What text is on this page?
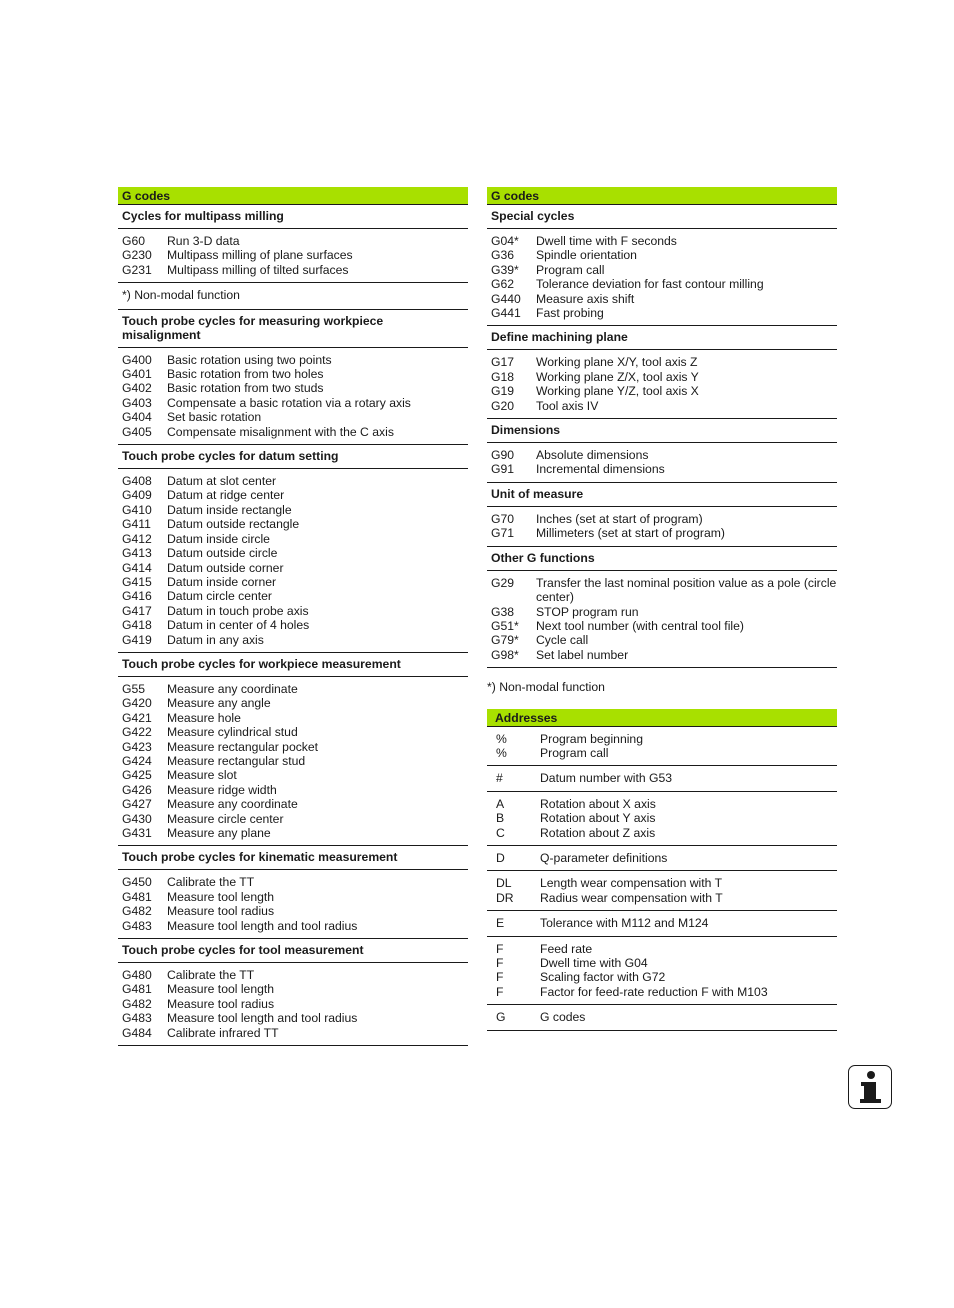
G codes
Cycles for multipass milling
G60	Run 3-D data
G230	Multipass milling of plane surfaces
G231	Multipass milling of tilted surfaces
*) Non-modal function
Touch probe cycles for measuring workpiece misalignment
G400	Basic rotation using two points
G401	Basic rotation from two holes
G402	Basic rotation from two studs
G403	Compensate a basic rotation via a rotary axis
G404	Set basic rotation
G405	Compensate misalignment with the C axis
Touch probe cycles for datum setting
G408	Datum at slot center
G409	Datum at ridge center
G410	Datum inside rectangle
G411	Datum outside rectangle
G412	Datum inside circle
G413	Datum outside circle
G414	Datum outside corner
G415	Datum inside corner
G416	Datum circle center
G417	Datum in touch probe axis
G418	Datum in center of 4 holes
G419	Datum in any axis
Touch probe cycles for workpiece measurement
G55	Measure any coordinate
G420	Measure any angle
G421	Measure hole
G422	Measure cylindrical stud
G423	Measure rectangular pocket
G424	Measure rectangular stud
G425	Measure slot
G426	Measure ridge width
G427	Measure any coordinate
G430	Measure circle center
G431	Measure any plane
Touch probe cycles for kinematic measurement
G450	Calibrate the TT
G481	Measure tool length
G482	Measure tool radius
G483	Measure tool length and tool radius
Touch probe cycles for tool measurement
G480	Calibrate the TT
G481	Measure tool length
G482	Measure tool radius
G483	Measure tool length and tool radius
G484	Calibrate infrared TT
G codes
Special cycles
G04*	Dwell time with F seconds
G36	Spindle orientation
G39*	Program call
G62	Tolerance deviation for fast contour milling
G440	Measure axis shift
G441	Fast probing
Define machining plane
G17	Working plane X/Y, tool axis Z
G18	Working plane Z/X, tool axis Y
G19	Working plane Y/Z, tool axis X
G20	Tool axis IV
Dimensions
G90	Absolute dimensions
G91	Incremental dimensions
Unit of measure
G70	Inches (set at start of program)
G71	Millimeters (set at start of program)
Other G functions
G29	Transfer the last nominal position value as a pole (circle center)
G38	STOP program run
G51*	Next tool number (with central tool file)
G79*	Cycle call
G98*	Set label number
*) Non-modal function
Addresses
%	Program beginning
%	Program call
#	Datum number with G53
A	Rotation about X axis
B	Rotation about Y axis
C	Rotation about Z axis
D	Q-parameter definitions
DL	Length wear compensation with T
DR	Radius wear compensation with T
E	Tolerance with M112 and M124
F	Feed rate
F	Dwell time with G04
F	Scaling factor with G72
F	Factor for feed-rate reduction F with M103
G	G codes
